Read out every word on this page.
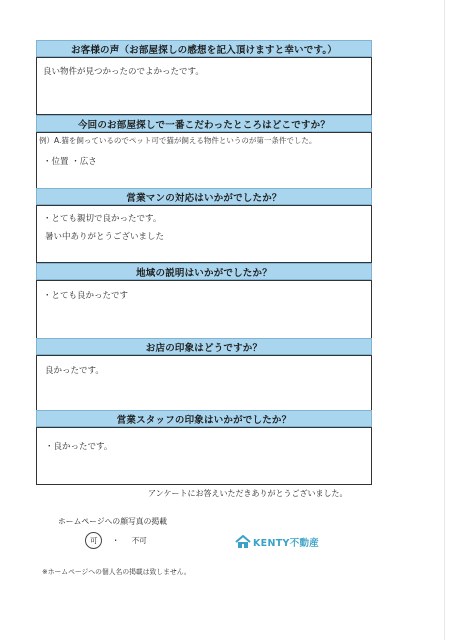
お客様の声（お部屋探しの感想を記入頂けますと幸いです。）
良い物件が見つかったのでよかったです。
今回のお部屋探しで一番こだわったところはどこですか？
例）A.猫を飼っているのでペット可で猫が飼える物件というのが第一条件でした。
・位置 ・広さ
営業マンの対応はいかがでしたか？
・とても親切で良かったです。
暑い中ありがとうございました
地域の説明はいかがでしたか？
・とても良かったです
お店の印象はどうですか？
良かったです。
営業スタッフの印象はいかがでしたか？
・良かったです。
アンケートにお答えいただきありがとうございました。
ホームページへの顔写真の掲載
可 ・ 不可	KENTY不動産
※ホームページへの個人名の掲載は致しません。
